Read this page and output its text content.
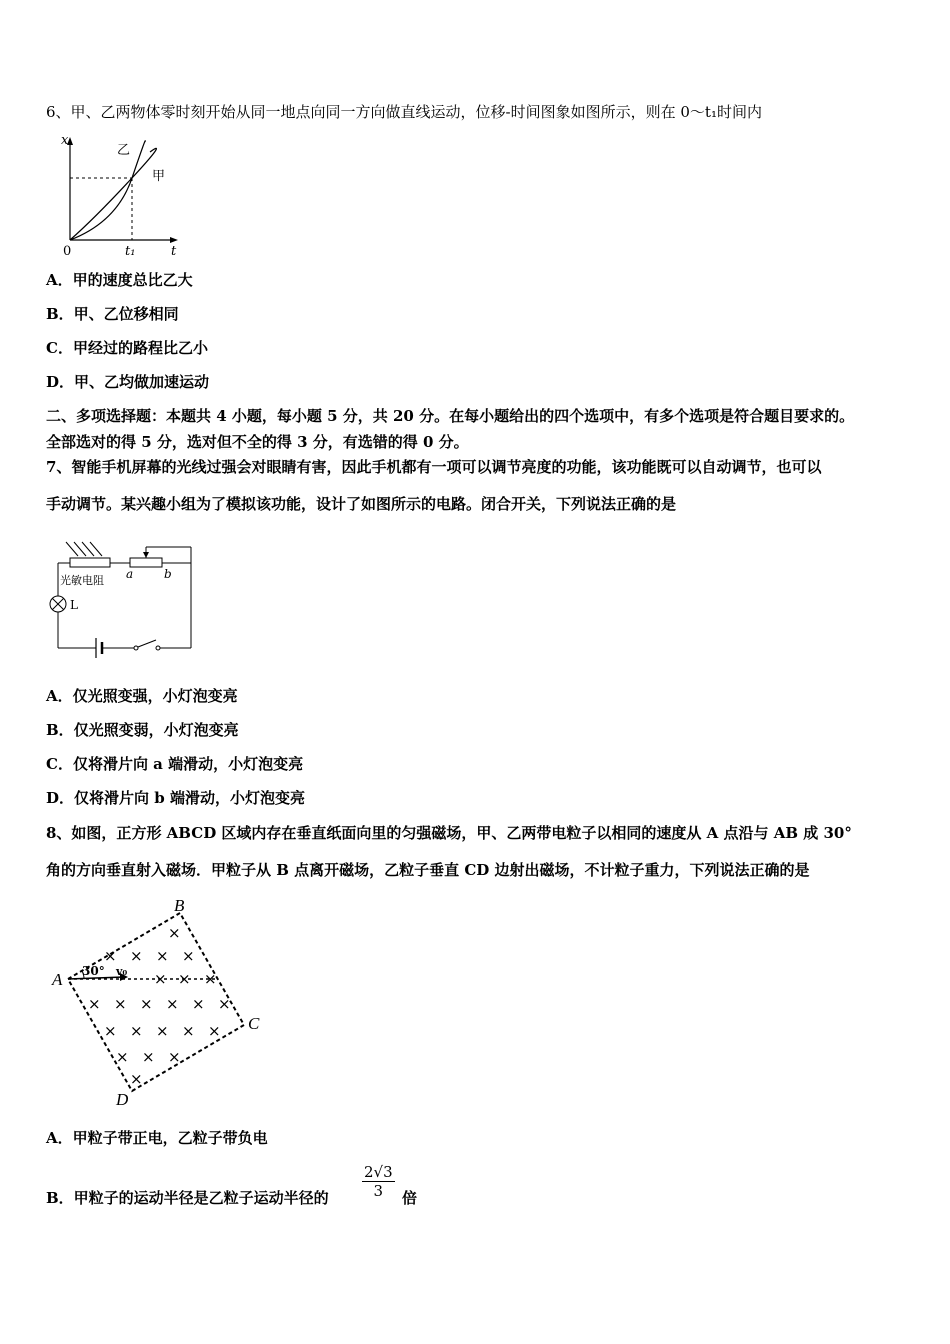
6、甲、乙两物体零时刻开始从同一地点向同一方向做直线运动，位移-时间图象如图所示，则在 0～t₁时间内
x
t
0	t₁
乙
甲
A．甲的速度总比乙大
B．甲、乙位移相同
C．甲经过的路程比乙小
D．甲、乙均做加速运动
二、多项选择题：本题共 4 小题，每小题 5 分，共 20 分。在每小题给出的四个选项中，有多个选项是符合题目要求的。
全部选对的得 5 分，选对但不全的得 3 分，有选错的得 0 分。
7、智能手机屏幕的光线过强会对眼睛有害，因此手机都有一项可以调节亮度的功能，该功能既可以自动调节，也可以
手动调节。某兴趣小组为了模拟该功能，设计了如图所示的电路。闭合开关，下列说法正确的是
光敏电阻 a	b
L
A．仅光照变强，小灯泡变亮
B．仅光照变弱，小灯泡变亮
C．仅将滑片向 a 端滑动，小灯泡变亮
D．仅将滑片向 b 端滑动，小灯泡变亮
8、如图，正方形 ABCD 区域内存在垂直纸面向里的匀强磁场，甲、乙两带电粒子以相同的速度从 A 点沿与 AB 成 30°
角的方向垂直射入磁场．甲粒子从 B 点离开磁场，乙粒子垂直 CD 边射出磁场，不计粒子重力，下列说法正确的是
A
B
C
D
30° v₀
×
× × × ×
× × ×
× × × × × ×
× × × × ×
× × ×
×
A．甲粒子带正电，乙粒子带负电
B．甲粒子的运动半径是乙粒子运动半径的 $\frac{2√3}{3}$ 倍
